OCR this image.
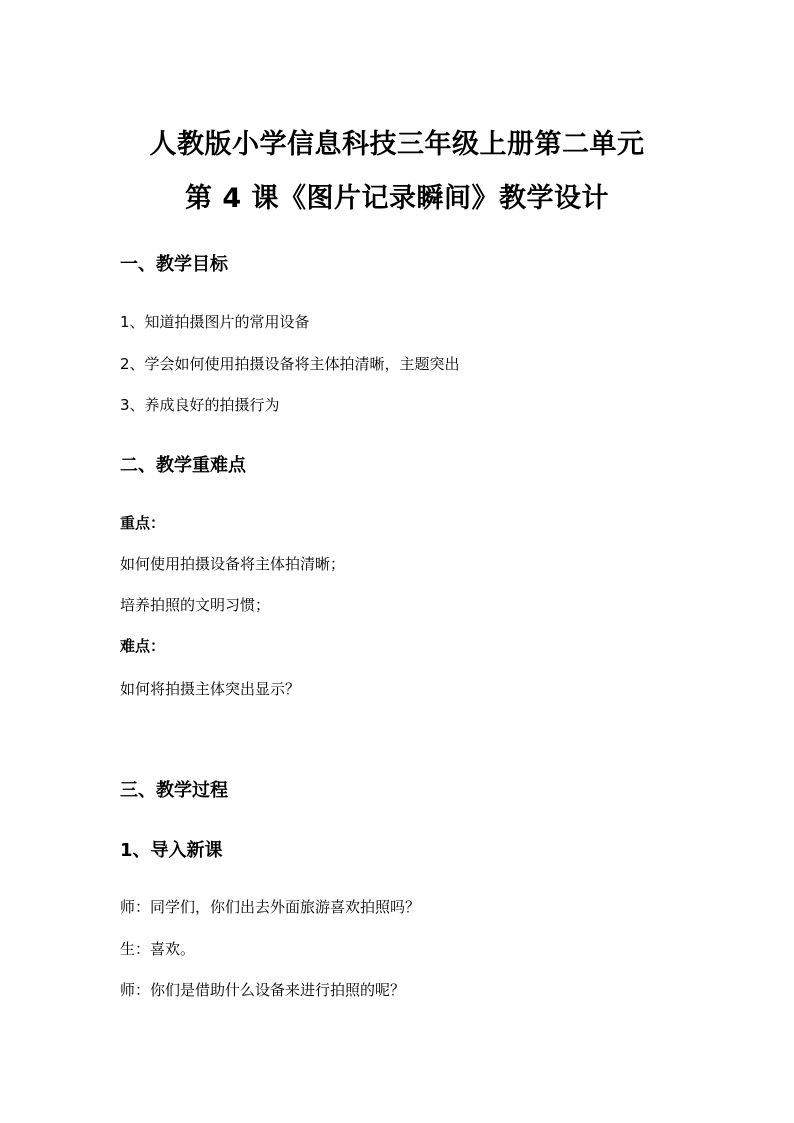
人教版小学信息科技三年级上册第二单元
第 4 课《图片记录瞬间》教学设计
一、教学目标
1、知道拍摄图片的常用设备
2、学会如何使用拍摄设备将主体拍清晰，主题突出
3、养成良好的拍摄行为
二、教学重难点
重点：
如何使用拍摄设备将主体拍清晰；
培养拍照的文明习惯；
难点：
如何将拍摄主体突出显示？
三、教学过程
1、导入新课
师：同学们，你们出去外面旅游喜欢拍照吗？
生：喜欢。
师：你们是借助什么设备来进行拍照的呢？
